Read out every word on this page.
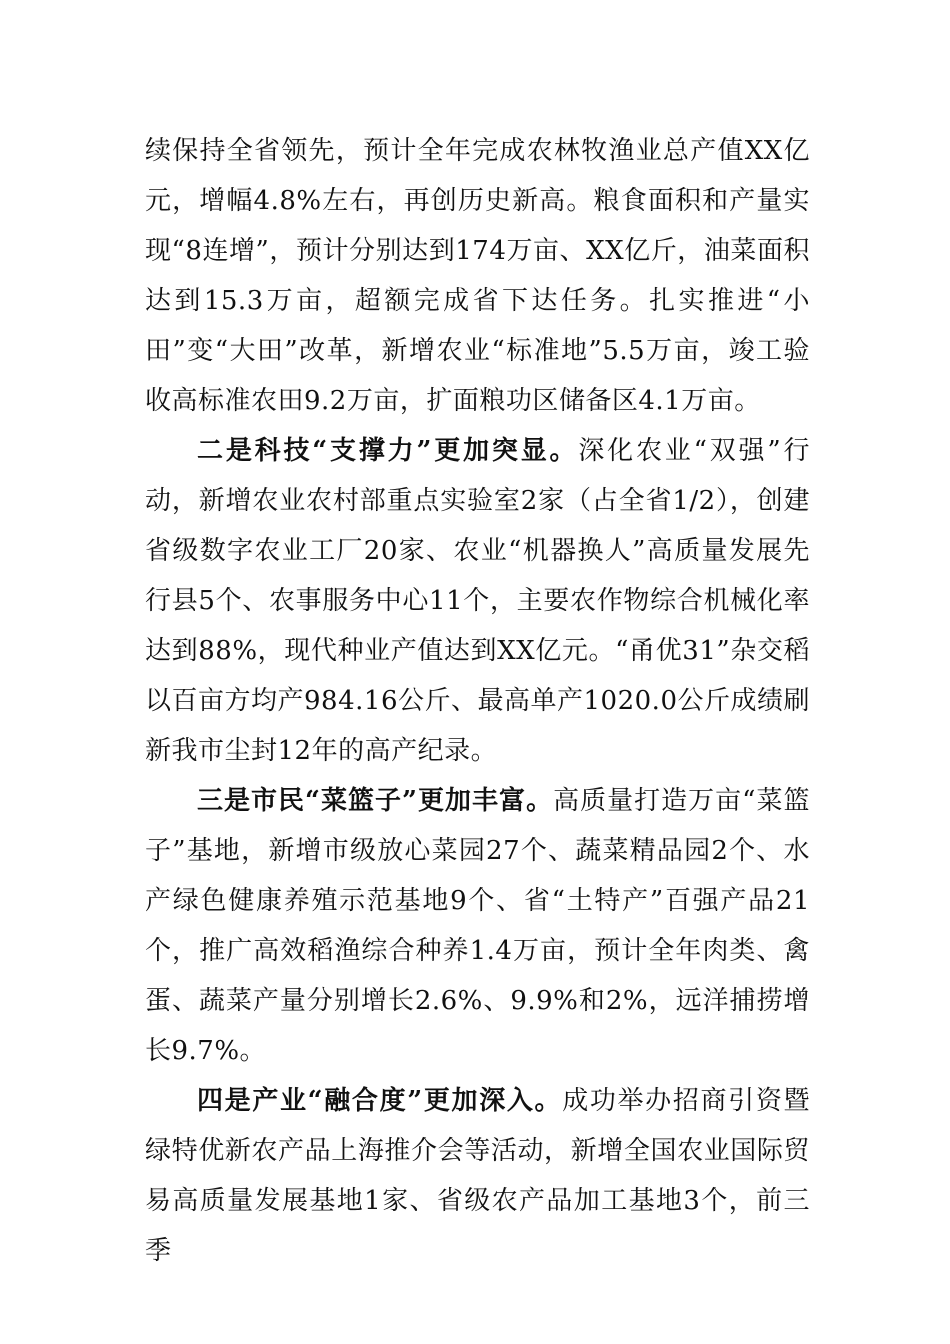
续保持全省领先，预计全年完成农林牧渔业总产值XX亿元，增幅4.8%左右，再创历史新高。粮食面积和产量实现“8连增”，预计分别达到174万亩、XX亿斤，油菜面积达到15.3万亩，超额完成省下达任务。扎实推进“小田”变“大田”改革，新增农业“标准地”5.5万亩，竣工验收高标准农田9.2万亩，扩面粮功区储备区4.1万亩。

二是科技“支撑力”更加突显。深化农业“双强”行动，新增农业农村部重点实验室2家（占全省1/2），创建省级数字农业工厂20家、农业“机器换人”高质量发展先行县5个、农事服务中心11个，主要农作物综合机械化率达到88%，现代种业产值达到XX亿元。“甬优31”杂交稻以百亩方均产984.16公斤、最高单产1020.0公斤成绩刷新我市尘封12年的高产纪录。

三是市民“菜篮子”更加丰富。高质量打造万亩“菜篮子”基地，新增市级放心菜园27个、蔬菜精品园2个、水产绿色健康养殖示范基地9个、省“土特产”百强产品21个，推广高效稻渔综合种养1.4万亩，预计全年肉类、禽蛋、蔬菜产量分别增长2.6%、9.9%和2%，远洋捕捞增长9.7%。

四是产业“融合度”更加深入。成功举办招商引资暨绿特优新农产品上海推介会等活动，新增全国农业国际贸易高质量发展基地1家、省级农产品加工基地3个，前三季
